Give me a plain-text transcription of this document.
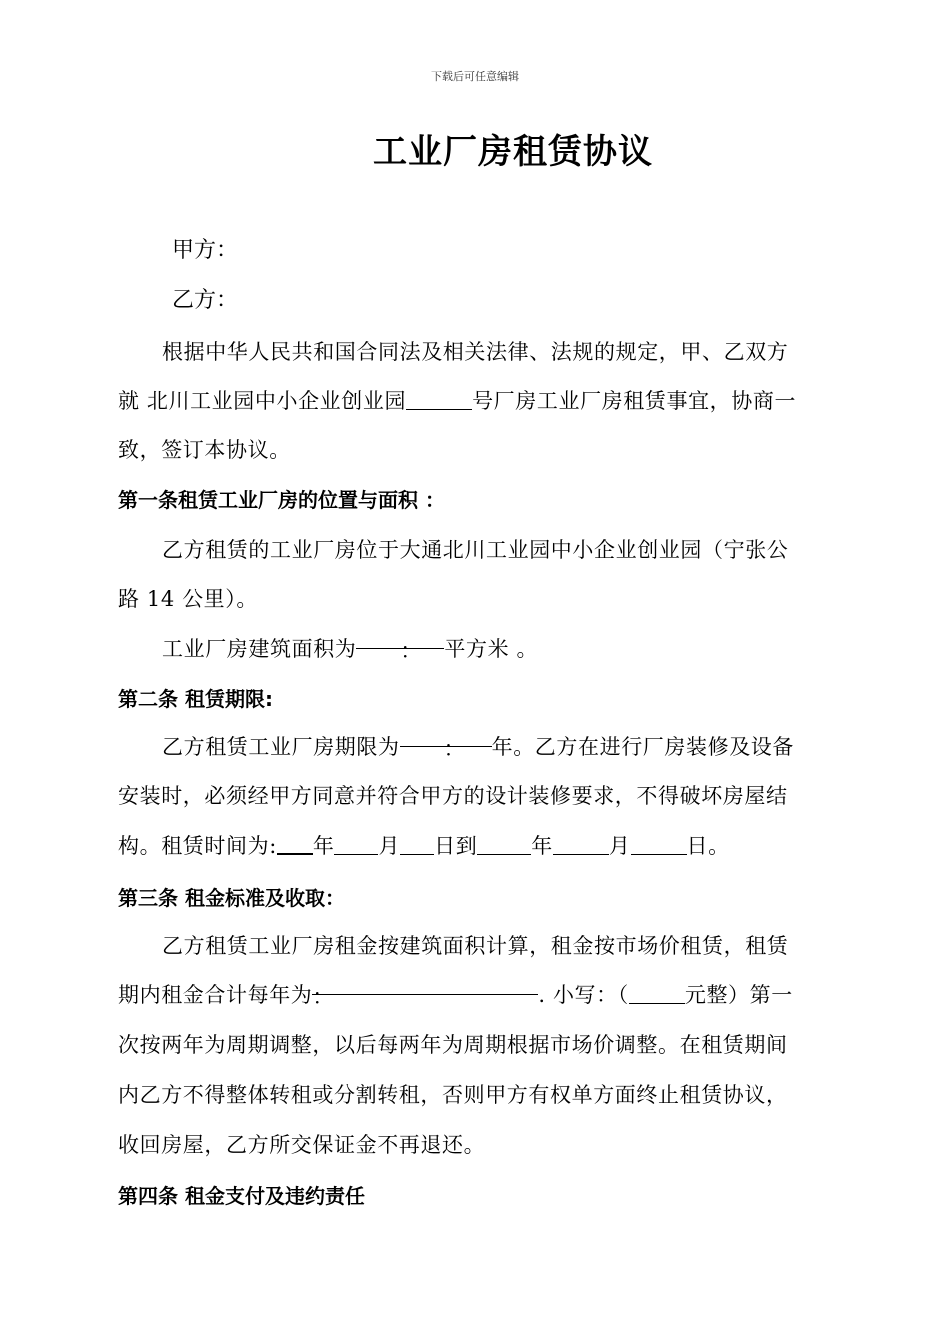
下载后可任意编辑
工业厂房租赁协议
甲方：
乙方：
根据中华人民共和国合同法及相关法律、法规的规定，甲、乙双方
就 北川工业园中小企业创业园	号厂房工业厂房租赁事宜，协商一
致，签订本协议。
第一条租赁工业厂房的位置与面积 ：
乙方租赁的工业厂房位于大通北川工业园中小企业创业园（宁张公
路 14 公里）。
工业厂房建筑面积为 ： 平方米 。
第二条 租赁期限:
乙方租赁工业厂房期限为 ： 年。乙方在进行厂房装修及设备
安装时，必须经甲方同意并符合甲方的设计装修要求，不得破坏房屋结
构。租赁时间为: 年 月 日到	年	月	日。
第三条 租金标准及收取：
乙方租赁工业厂房租金按建筑面积计算，租金按市场价租赁，租赁
期内租金合计每年为：	. 小写：（	元整）第一
次按两年为周期调整，以后每两年为周期根据市场价调整。在租赁期间
内乙方不得整体转租或分割转租，否则甲方有权单方面终止租赁协议，
收回房屋，乙方所交保证金不再退还。
第四条 租金支付及违约责任
